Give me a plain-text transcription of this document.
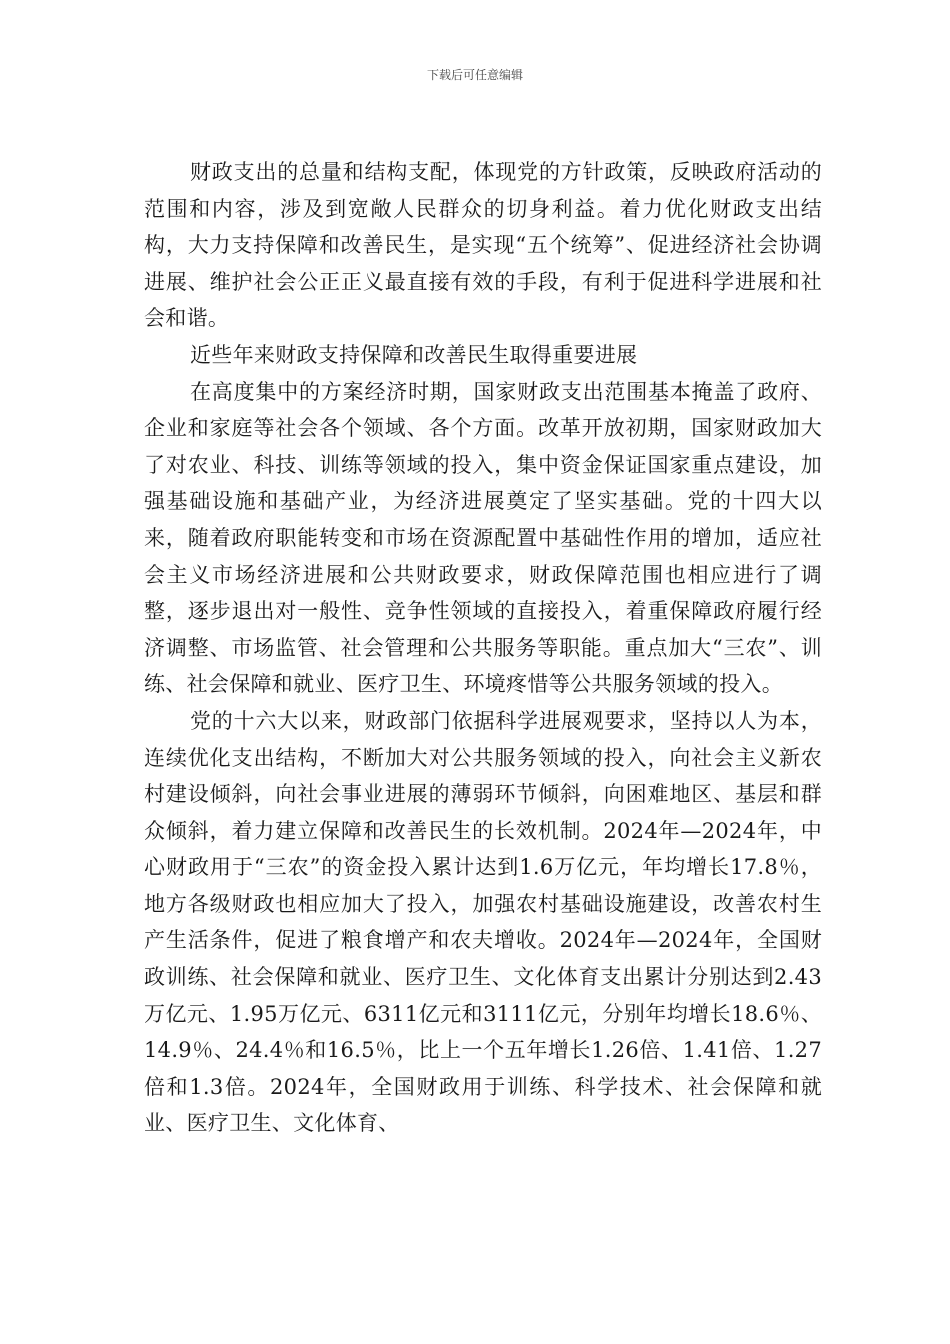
下载后可任意编辑

财政支出的总量和结构支配，体现党的方针政策，反映政府活动的范围和内容，涉及到宽敞人民群众的切身利益。着力优化财政支出结构，大力支持保障和改善民生，是实现“五个统筹”、促进经济社会协调进展、维护社会公正正义最直接有效的手段，有利于促进科学进展和社会和谐。

近些年来财政支持保障和改善民生取得重要进展

在高度集中的方案经济时期，国家财政支出范围基本掩盖了政府、企业和家庭等社会各个领域、各个方面。改革开放初期，国家财政加大了对农业、科技、训练等领域的投入，集中资金保证国家重点建设，加强基础设施和基础产业，为经济进展奠定了坚实基础。党的十四大以来，随着政府职能转变和市场在资源配置中基础性作用的增加，适应社会主义市场经济进展和公共财政要求，财政保障范围也相应进行了调整，逐步退出对一般性、竞争性领域的直接投入，着重保障政府履行经济调整、市场监管、社会管理和公共服务等职能。重点加大“三农”、训练、社会保障和就业、医疗卫生、环境疼惜等公共服务领域的投入。

党的十六大以来，财政部门依据科学进展观要求，坚持以人为本，连续优化支出结构，不断加大对公共服务领域的投入，向社会主义新农村建设倾斜，向社会事业进展的薄弱环节倾斜，向困难地区、基层和群众倾斜，着力建立保障和改善民生的长效机制。2024年—2024年，中心财政用于“三农”的资金投入累计达到1.6万亿元，年均增长17.8％，地方各级财政也相应加大了投入，加强农村基础设施建设，改善农村生产生活条件，促进了粮食增产和农夫增收。2024年—2024年，全国财政训练、社会保障和就业、医疗卫生、文化体育支出累计分别达到2.43万亿元、1.95万亿元、6311亿元和3111亿元，分别年均增长18.6％、14.9％、24.4％和16.5％，比上一个五年增长1.26倍、1.41倍、1.27倍和1.3倍。2024年，全国财政用于训练、科学技术、社会保障和就业、医疗卫生、文化体育、
